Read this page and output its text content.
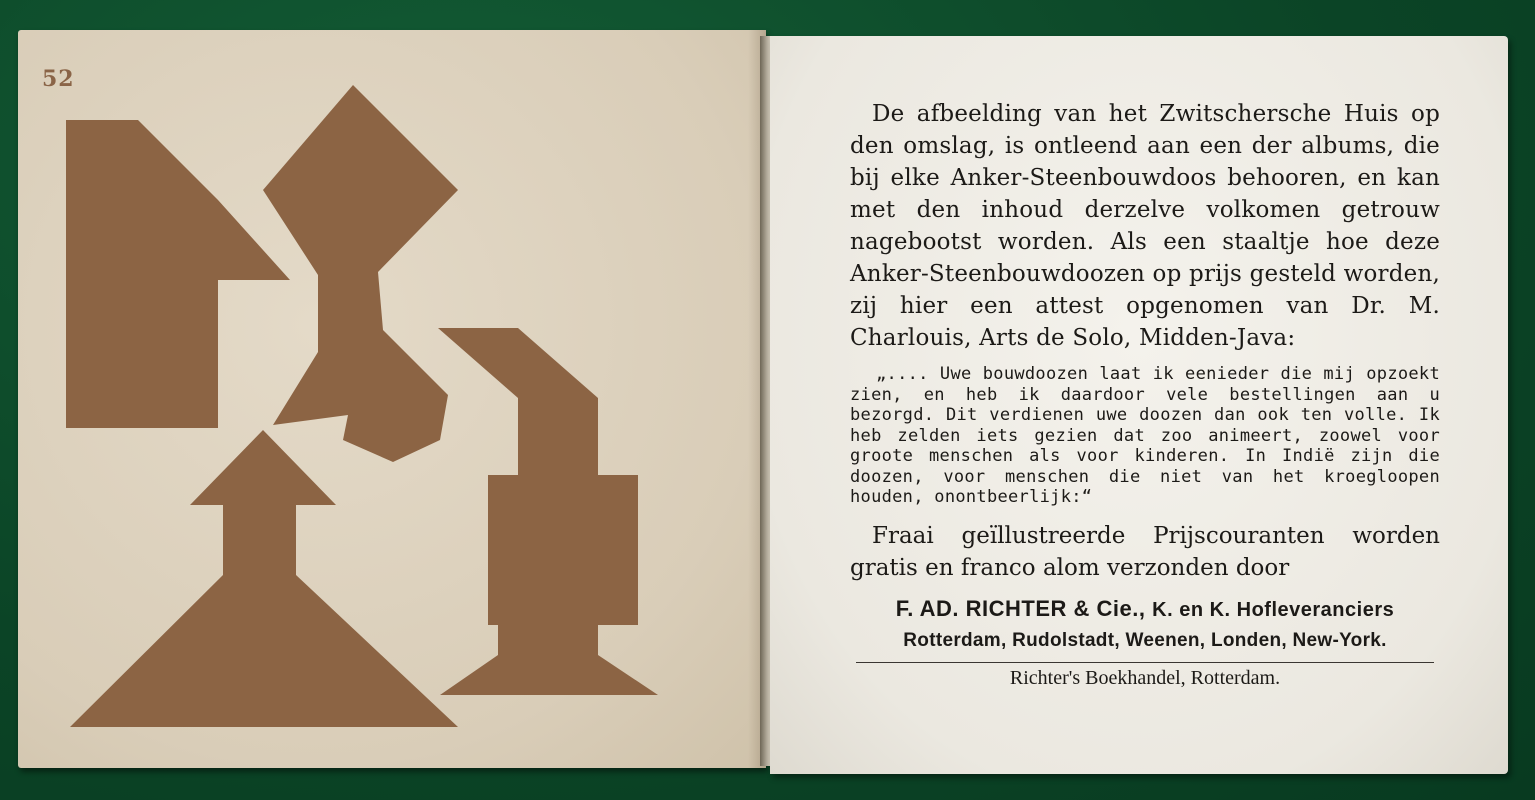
52

De afbeelding van het Zwitschersche Huis op den omslag, is ontleend aan een der albums, die bij elke Anker-Steenbouwdoos behooren, en kan met den inhoud derzelve volkomen getrouw nagebootst worden. Als een staaltje hoe deze Anker-Steenbouwdoozen op prijs gesteld worden, zij hier een attest opgenomen van Dr. M. Charlouis, Arts de Solo, Midden-Java:

„.... Uwe bouwdoozen laat ik eenieder die mij opzoekt zien, en heb ik daardoor vele bestellingen aan u bezorgd. Dit verdienen uwe doozen dan ook ten volle. Ik heb zelden iets gezien dat zoo animeert, zoowel voor groote menschen als voor kinderen. In Indië zijn die doozen, voor menschen die niet van het kroegloopen houden, onontbeerlijk:“

Fraai geïllustreerde Prijscouranten worden gratis en franco alom verzonden door

F. AD. RICHTER & Cie., K. en K. Hofleveranciers
Rotterdam, Rudolstadt, Weenen, Londen, New-York.
Richter's Boekhandel, Rotterdam.
